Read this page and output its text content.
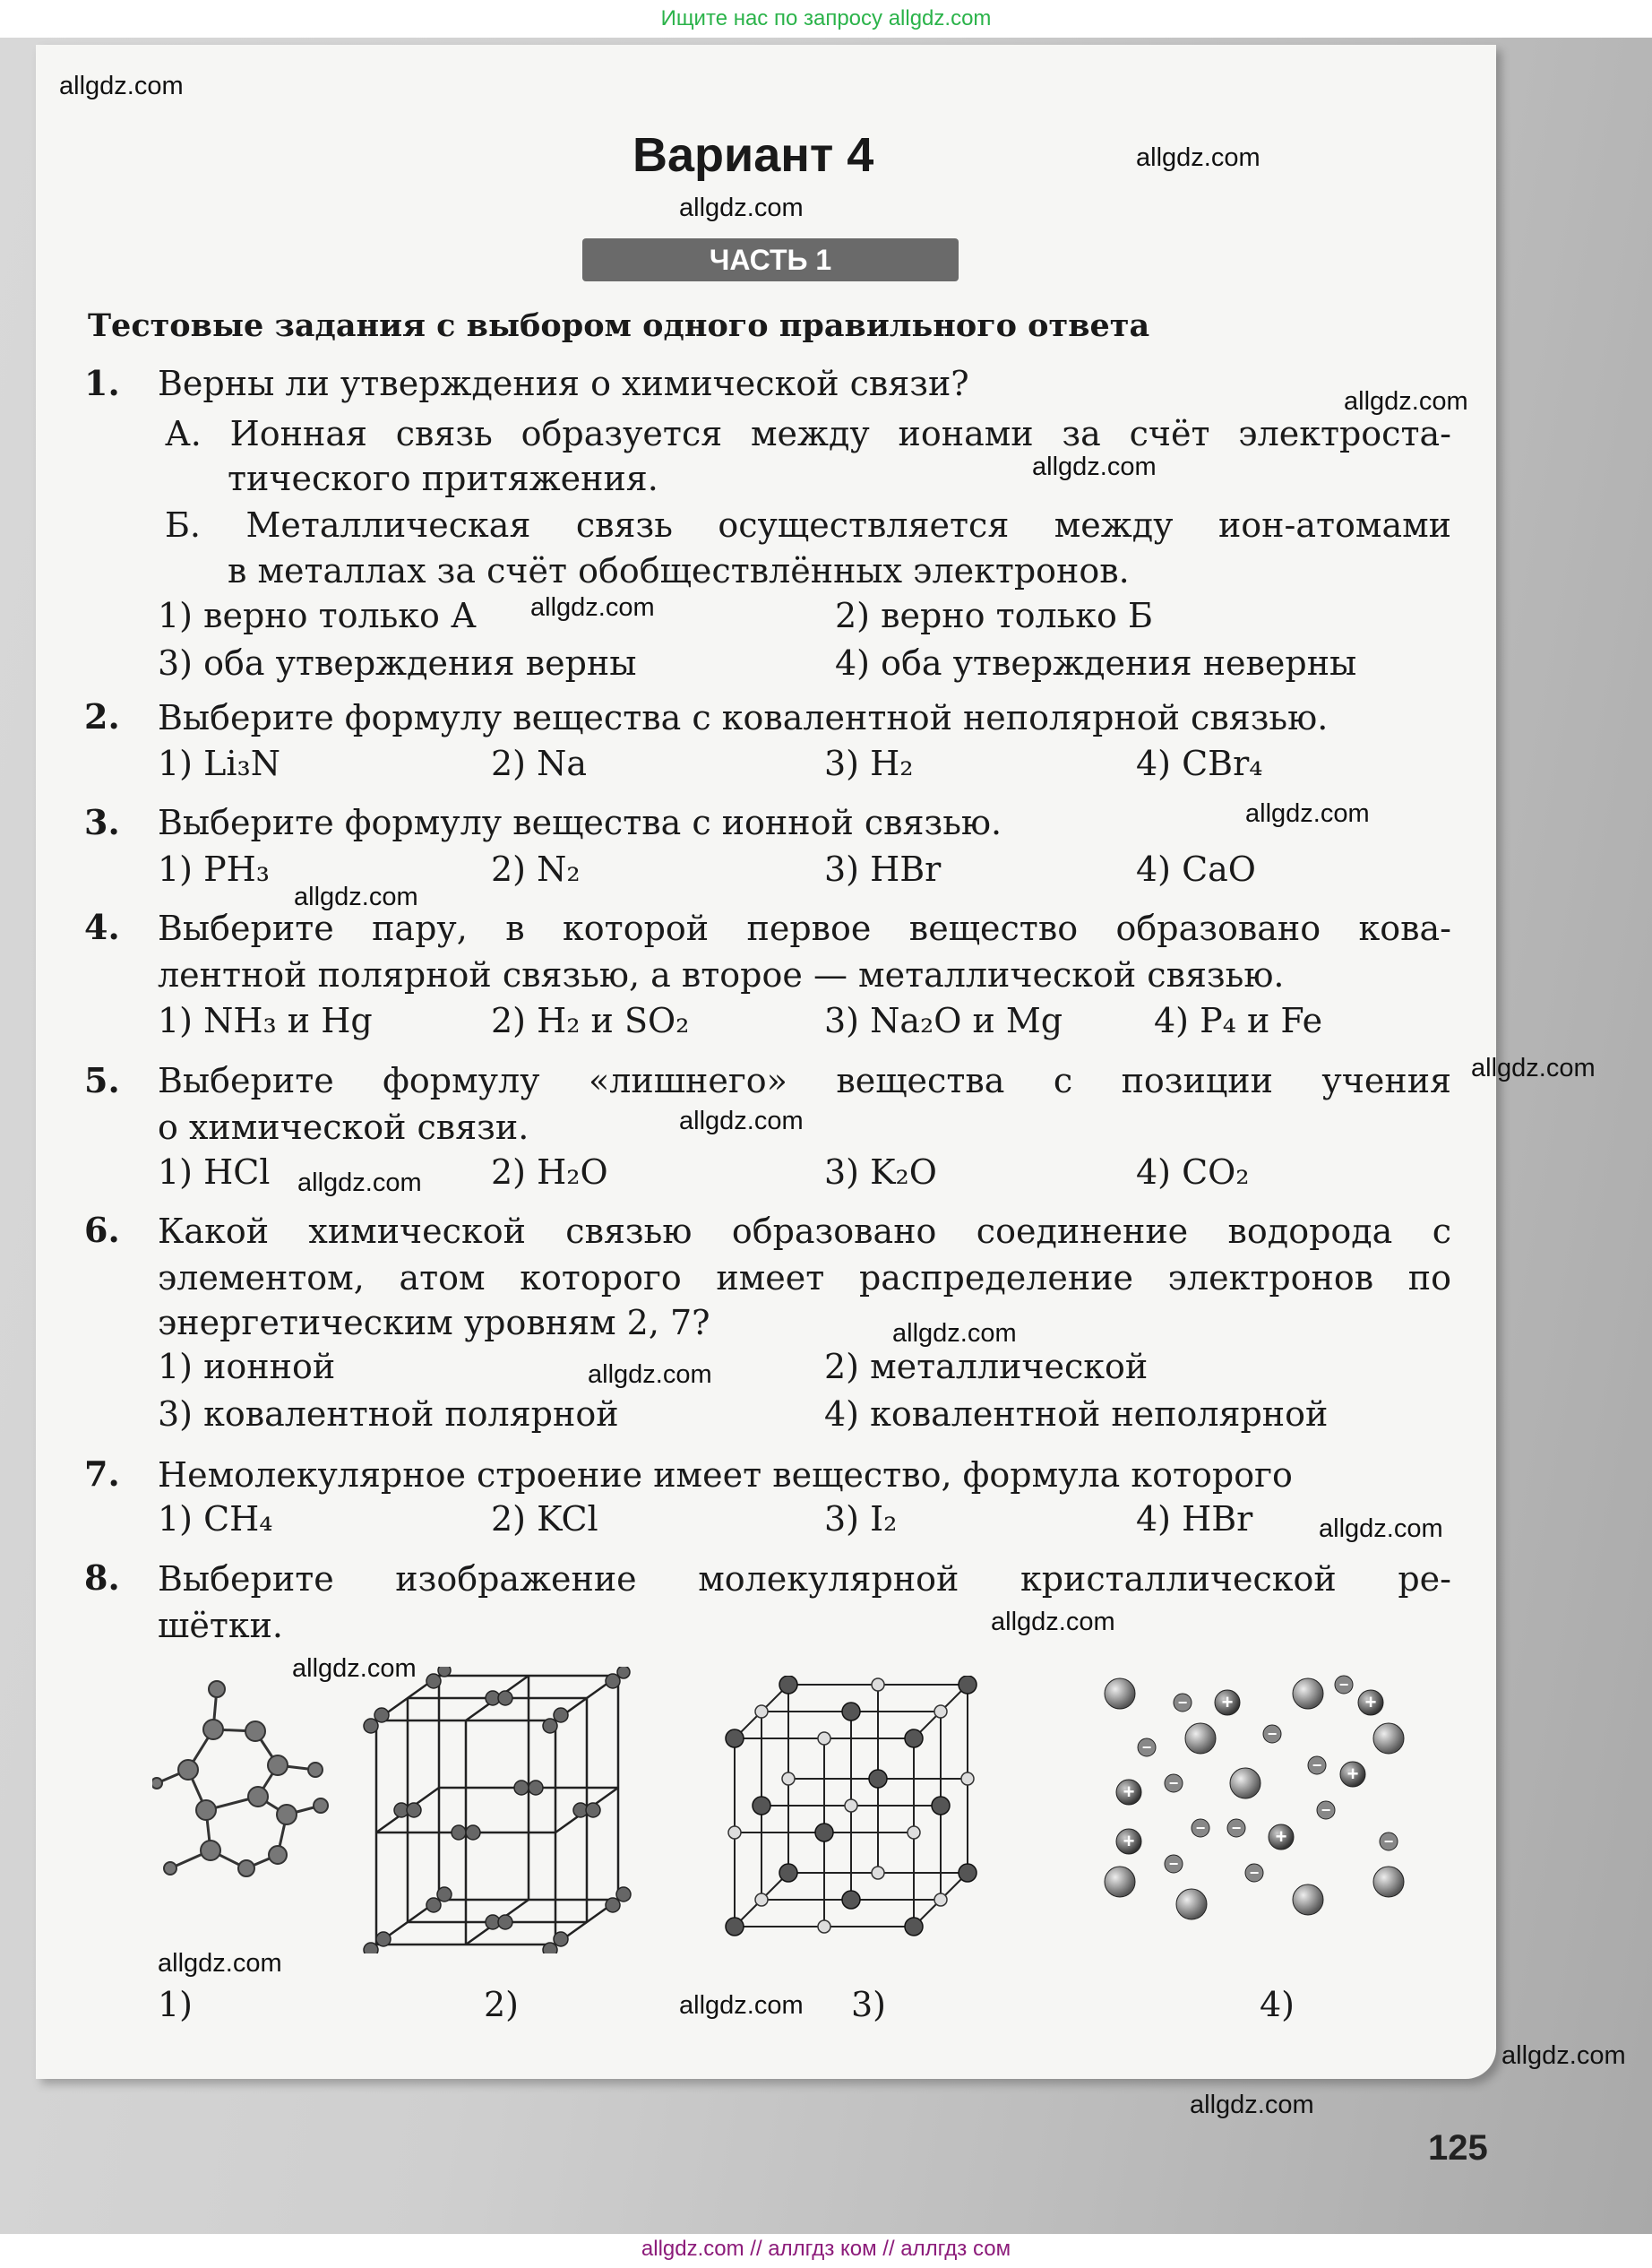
Ищите нас по запросу allgdz.com
Вариант 4
ЧАСТЬ 1
Тестовые задания с выбором одного правильного ответа
1. Верны ли утверждения о химической связи?
А. Ионная связь образуется между ионами за счёт электроста-
тического притяжения.
Б. Металлическая связь осуществляется между ион-атомами
в металлах за счёт обобществлённых электронов.
1) верно только А	2) верно только Б
3) оба утверждения верны	4) оба утверждения неверны
2. Выберите формулу вещества с ковалентной неполярной связью.
1) Li₃N	2) Na	3) H₂	4) CBr₄
3. Выберите формулу вещества с ионной связью.
1) PH₃	2) N₂	3) HBr	4) CaO
4. Выберите пару, в которой первое вещество образовано кова-
лентной полярной связью, а второе — металлической связью.
1) NH₃ и Hg	2) H₂ и SO₂	3) Na₂O и Mg	4) P₄ и Fe
5. Выберите формулу «лишнего» вещества с позиции учения
о химической связи.
1) HCl	2) H₂O	3) K₂O	4) CO₂
6. Какой химической связью образовано соединение водорода с
элементом, атом которого имеет распределение электронов по
энергетическим уровням 2, 7?
1) ионной	2) металлической
3) ковалентной полярной	4) ковалентной неполярной
7. Немолекулярное строение имеет вещество, формула которого
1) CH₄	2) KCl	3) I₂	4) HBr
8. Выберите изображение молекулярной кристаллической ре-
шётки.
+	+
+
+
+
+
−
−
−
−
−
−
−
−
−	−
−
−
1)	2)	3)	4)
allgdz.com
allgdz.com
allgdz.com
allgdz.com
allgdz.com
allgdz.com
allgdz.com
allgdz.com
allgdz.com
allgdz.com
allgdz.com
allgdz.com
allgdz.com
allgdz.com
allgdz.com
allgdz.com
allgdz.com
allgdz.com
allgdz.com
allgdz.com
125
allgdz.com // аллгдз ком // аллгдз сом
